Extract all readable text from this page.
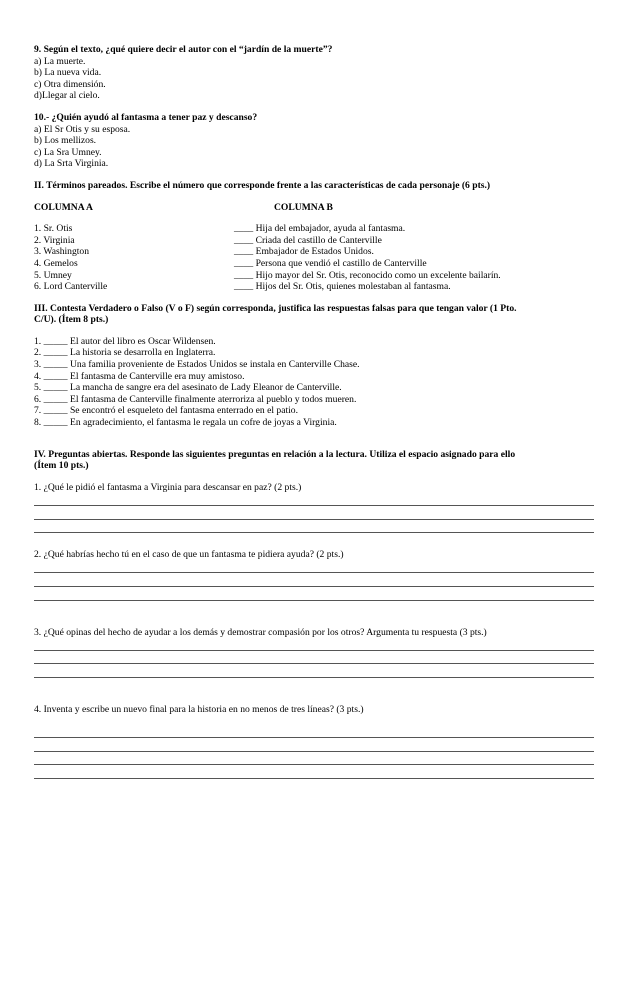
9. Según el texto, ¿qué quiere decir el autor con el “jardín de la muerte”?
a) La muerte.
b) La nueva vida.
c) Otra dimensión.
d)Llegar al cielo.
10.- ¿Quién ayudó al fantasma a tener paz y descanso?
a) El Sr Otis y su esposa.
b) Los mellizos.
c) La Sra Umney.
d) La Srta Virginia.
II. Términos pareados. Escribe el número que corresponde frente a las características de cada personaje (6 pts.)
COLUMNA A	COLUMNA B
1. Sr. Otis	____ Hija del embajador, ayuda al fantasma.
2. Virginia	____ Criada del castillo de Canterville
3. Washington	____ Embajador de Estados Unidos.
4. Gemelos	____ Persona que vendió el castillo de Canterville
5. Umney	____ Hijo mayor del Sr. Otis, reconocido como un excelente bailarín.
6. Lord Canterville	____ Hijos del Sr. Otis, quienes molestaban al fantasma.
III. Contesta Verdadero o Falso (V o F) según corresponda, justifica las respuestas falsas para que tengan valor (1 Pto.
C/U). (Ítem 8 pts.)
1. _____ El autor del libro es Oscar Wildensen.
2. _____ La historia se desarrolla en Inglaterra.
3. _____ Una familia proveniente de Estados Unidos se instala en Canterville Chase.
4. _____ El fantasma de Canterville era muy amistoso.
5. _____ La mancha de sangre era del asesinato de Lady Eleanor de Canterville.
6. _____ El fantasma de Canterville finalmente aterroriza al pueblo y todos mueren.
7. _____ Se encontró el esqueleto del fantasma enterrado en el patio.
8. _____ En agradecimiento, el fantasma le regala un cofre de joyas a Virginia.
IV. Preguntas abiertas. Responde las siguientes preguntas en relación a la lectura. Utiliza el espacio asignado para ello
(Ítem 10 pts.)
1. ¿Qué le pidió el fantasma a Virginia para descansar en paz? (2 pts.)
2. ¿Qué habrías hecho tú en el caso de que un fantasma te pidiera ayuda? (2 pts.)
3. ¿Qué opinas del hecho de ayudar a los demás y demostrar compasión por los otros? Argumenta tu respuesta (3 pts.)
4. Inventa y escribe un nuevo final para la historia en no menos de tres líneas? (3 pts.)
